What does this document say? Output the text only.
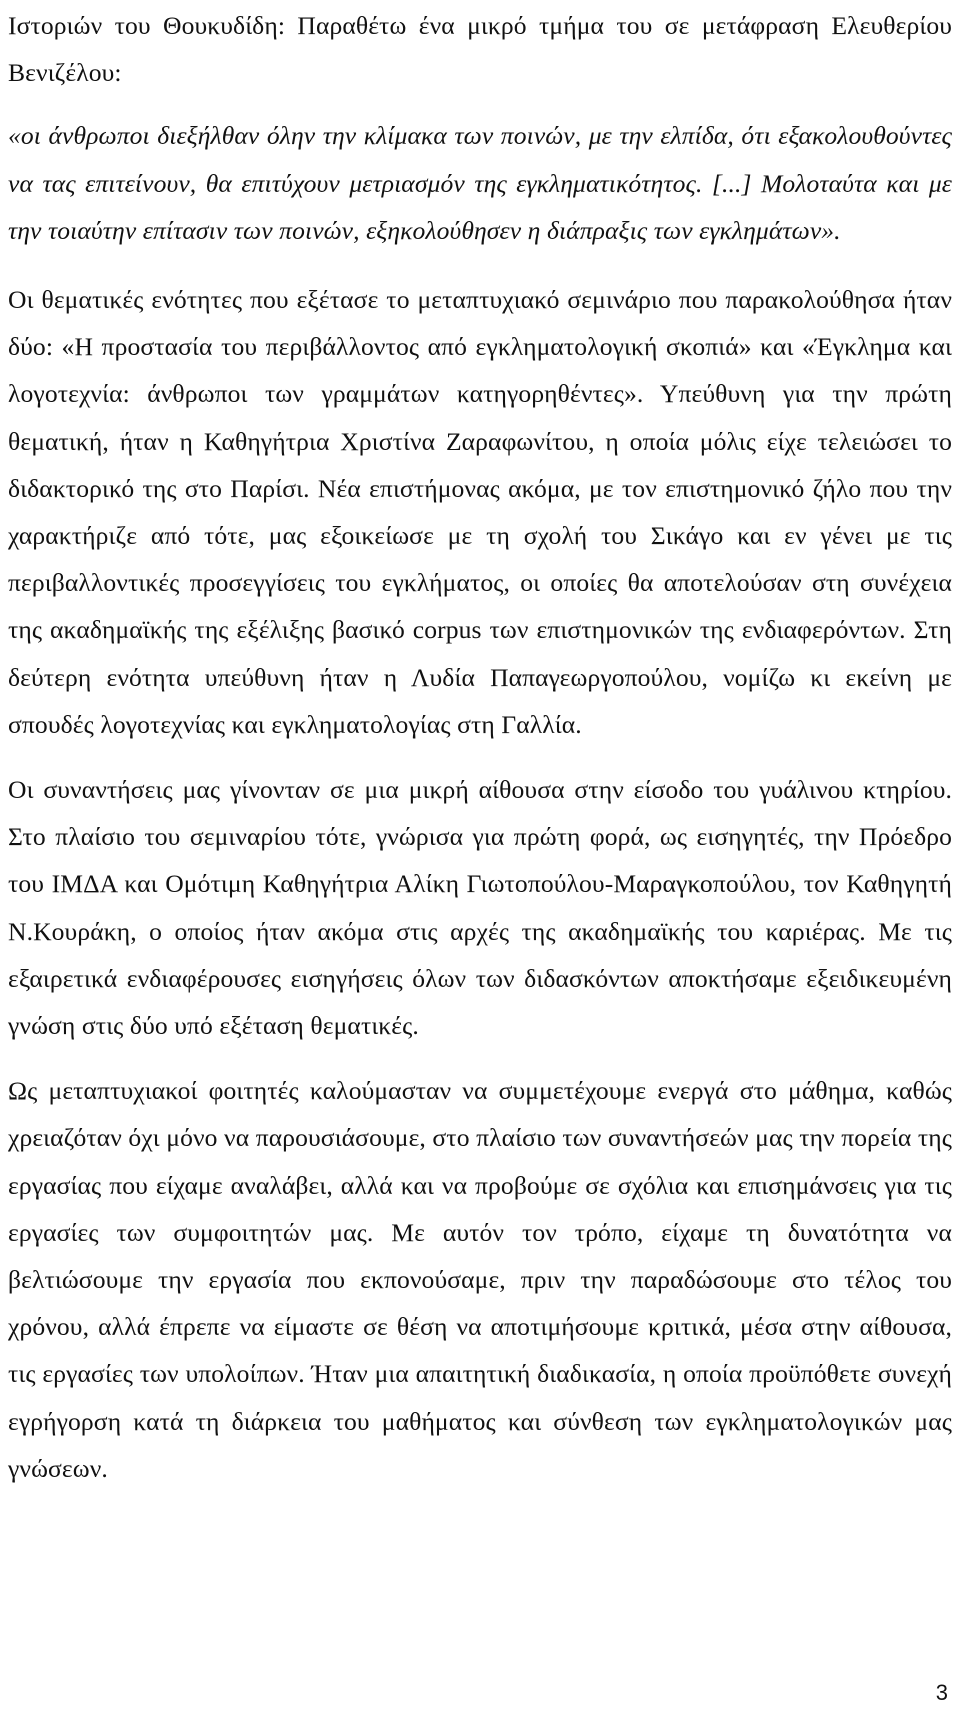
Ιστοριών του Θουκυδίδη: Παραθέτω ένα μικρό τμήμα του σε μετάφραση Ελευθερίου Βενιζέλου:

«οι άνθρωποι διεξήλθαν όλην την κλίμακα των ποινών, με την ελπίδα, ότι εξακολουθούντες να τας επιτείνουν, θα επιτύχουν μετριασμόν της εγκληματικότητος. [...] Μολοταύτα και με την τοιαύτην επίτασιν των ποινών, εξηκολούθησεν η διάπραξις των εγκλημάτων».

Οι θεματικές ενότητες που εξέτασε το μεταπτυχιακό σεμινάριο που παρακολούθησα ήταν δύο: «Η προστασία του περιβάλλοντος από εγκληματολογική σκοπιά» και «Έγκλημα και λογοτεχνία: άνθρωποι των γραμμάτων κατηγορηθέντες». Υπεύθυνη για την πρώτη θεματική, ήταν η Καθηγήτρια Χριστίνα Ζαραφωνίτου, η οποία μόλις είχε τελειώσει το διδακτορικό της στο Παρίσι. Νέα επιστήμονας ακόμα, με τον επιστημονικό ζήλο που την χαρακτήριζε από τότε, μας εξοικείωσε με τη σχολή του Σικάγο και εν γένει με τις περιβαλλοντικές προσεγγίσεις του εγκλήματος, οι οποίες θα αποτελούσαν στη συνέχεια της ακαδημαϊκής της εξέλιξης βασικό corpus των επιστημονικών της ενδιαφερόντων. Στη δεύτερη ενότητα υπεύθυνη ήταν η Λυδία Παπαγεωργοπούλου, νομίζω κι εκείνη με σπουδές λογοτεχνίας και εγκληματολογίας στη Γαλλία.

Οι συναντήσεις μας γίνονταν σε μια μικρή αίθουσα στην είσοδο του γυάλινου κτηρίου. Στο πλαίσιο του σεμιναρίου τότε, γνώρισα για πρώτη φορά, ως εισηγητές, την Πρόεδρο του ΙΜΔΑ και Ομότιμη Καθηγήτρια Αλίκη Γιωτοπούλου-Μαραγκοπούλου, τον Καθηγητή Ν.Κουράκη, ο οποίος ήταν ακόμα στις αρχές της ακαδημαϊκής του καριέρας. Με τις εξαιρετικά ενδιαφέρουσες εισηγήσεις όλων των διδασκόντων αποκτήσαμε εξειδικευμένη γνώση στις δύο υπό εξέταση θεματικές.

Ως μεταπτυχιακοί φοιτητές καλούμασταν να συμμετέχουμε ενεργά στο μάθημα, καθώς χρειαζόταν όχι μόνο να παρουσιάσουμε, στο πλαίσιο των συναντήσεών μας την πορεία της εργασίας που είχαμε αναλάβει, αλλά και να προβούμε σε σχόλια και επισημάνσεις για τις εργασίες των συμφοιτητών μας. Με αυτόν τον τρόπο, είχαμε τη δυνατότητα να βελτιώσουμε την εργασία που εκπονούσαμε, πριν την παραδώσουμε στο τέλος του χρόνου, αλλά έπρεπε να είμαστε σε θέση να αποτιμήσουμε κριτικά, μέσα στην αίθουσα, τις εργασίες των υπολοίπων. Ήταν μια απαιτητική διαδικασία, η οποία προϋπόθετε συνεχή εγρήγορση κατά τη διάρκεια του μαθήματος και σύνθεση των εγκληματολογικών μας γνώσεων.

3
